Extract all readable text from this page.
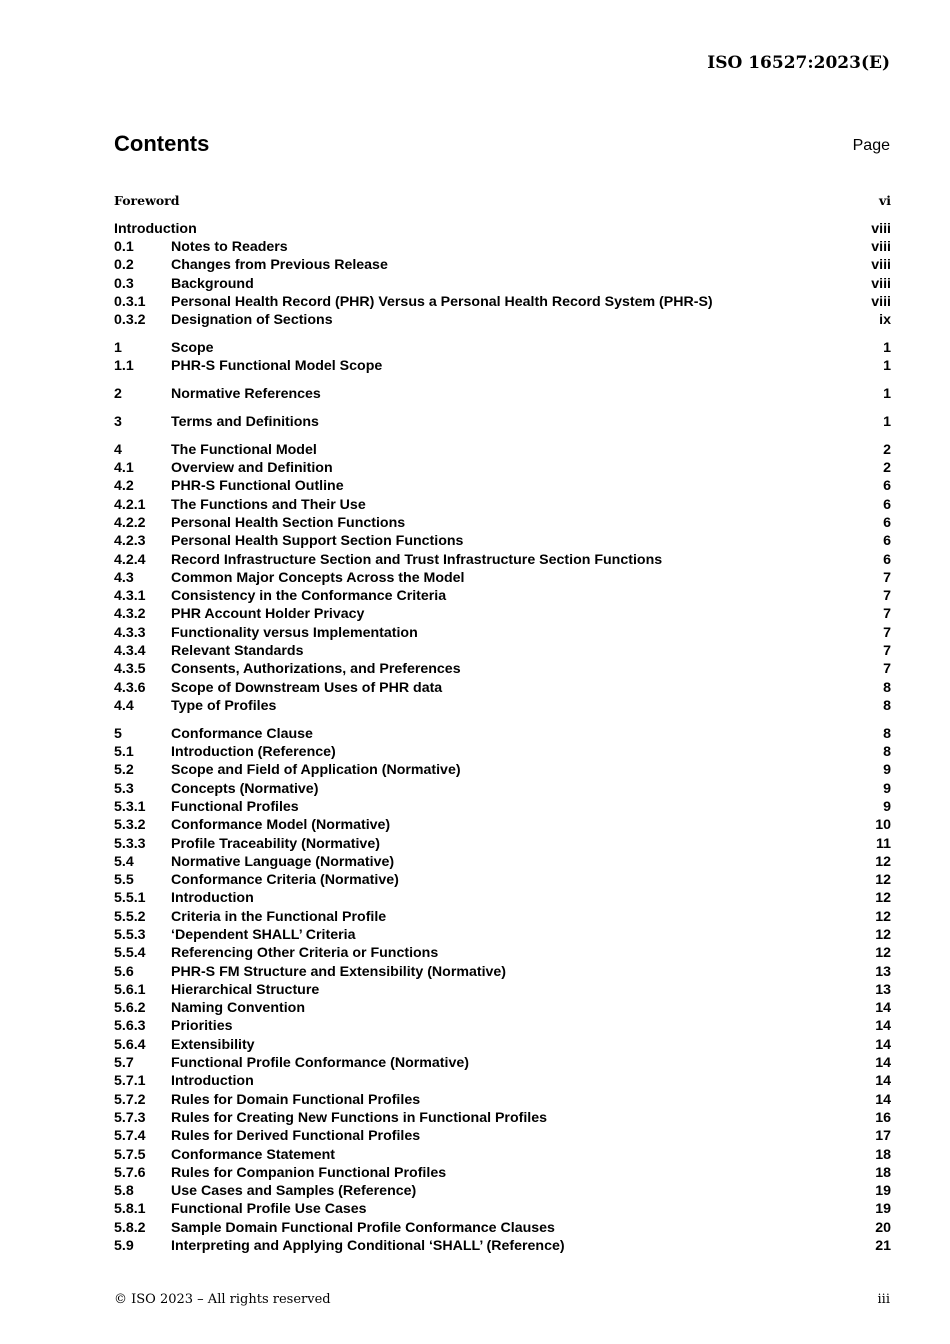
ISO 16527:2023(E)
Contents	Page
Foreword	vi
Introduction	viii
0.1	Notes to Readers	viii
0.2	Changes from Previous Release	viii
0.3	Background	viii
0.3.1	Personal Health Record (PHR) Versus a Personal Health Record System (PHR-S)	viii
0.3.2	Designation of Sections	ix
1	Scope	1
1.1	PHR-S Functional Model Scope	1
2	Normative References	1
3	Terms and Definitions	1
4	The Functional Model	2
4.1	Overview and Definition	2
4.2	PHR-S Functional Outline	6
4.2.1	The Functions and Their Use	6
4.2.2	Personal Health Section Functions	6
4.2.3	Personal Health Support Section Functions	6
4.2.4	Record Infrastructure Section and Trust Infrastructure Section Functions	6
4.3	Common Major Concepts Across the Model	7
4.3.1	Consistency in the Conformance Criteria	7
4.3.2	PHR Account Holder Privacy	7
4.3.3	Functionality versus Implementation	7
4.3.4	Relevant Standards	7
4.3.5	Consents, Authorizations, and Preferences	7
4.3.6	Scope of Downstream Uses of PHR data	8
4.4	Type of Profiles	8
5	Conformance Clause	8
5.1	Introduction (Reference)	8
5.2	Scope and Field of Application (Normative)	9
5.3	Concepts (Normative)	9
5.3.1	Functional Profiles	9
5.3.2	Conformance Model (Normative)	10
5.3.3	Profile Traceability (Normative)	11
5.4	Normative Language (Normative)	12
5.5	Conformance Criteria (Normative)	12
5.5.1	Introduction	12
5.5.2	Criteria in the Functional Profile	12
5.5.3	‘Dependent SHALL’ Criteria	12
5.5.4	Referencing Other Criteria or Functions	12
5.6	PHR-S FM Structure and Extensibility (Normative)	13
5.6.1	Hierarchical Structure	13
5.6.2	Naming Convention	14
5.6.3	Priorities	14
5.6.4	Extensibility	14
5.7	Functional Profile Conformance (Normative)	14
5.7.1	Introduction	14
5.7.2	Rules for Domain Functional Profiles	14
5.7.3	Rules for Creating New Functions in Functional Profiles	16
5.7.4	Rules for Derived Functional Profiles	17
5.7.5	Conformance Statement	18
5.7.6	Rules for Companion Functional Profiles	18
5.8	Use Cases and Samples (Reference)	19
5.8.1	Functional Profile Use Cases	19
5.8.2	Sample Domain Functional Profile Conformance Clauses	20
5.9	Interpreting and Applying Conditional ‘SHALL’ (Reference)	21
© ISO 2023 – All rights reserved	iii
